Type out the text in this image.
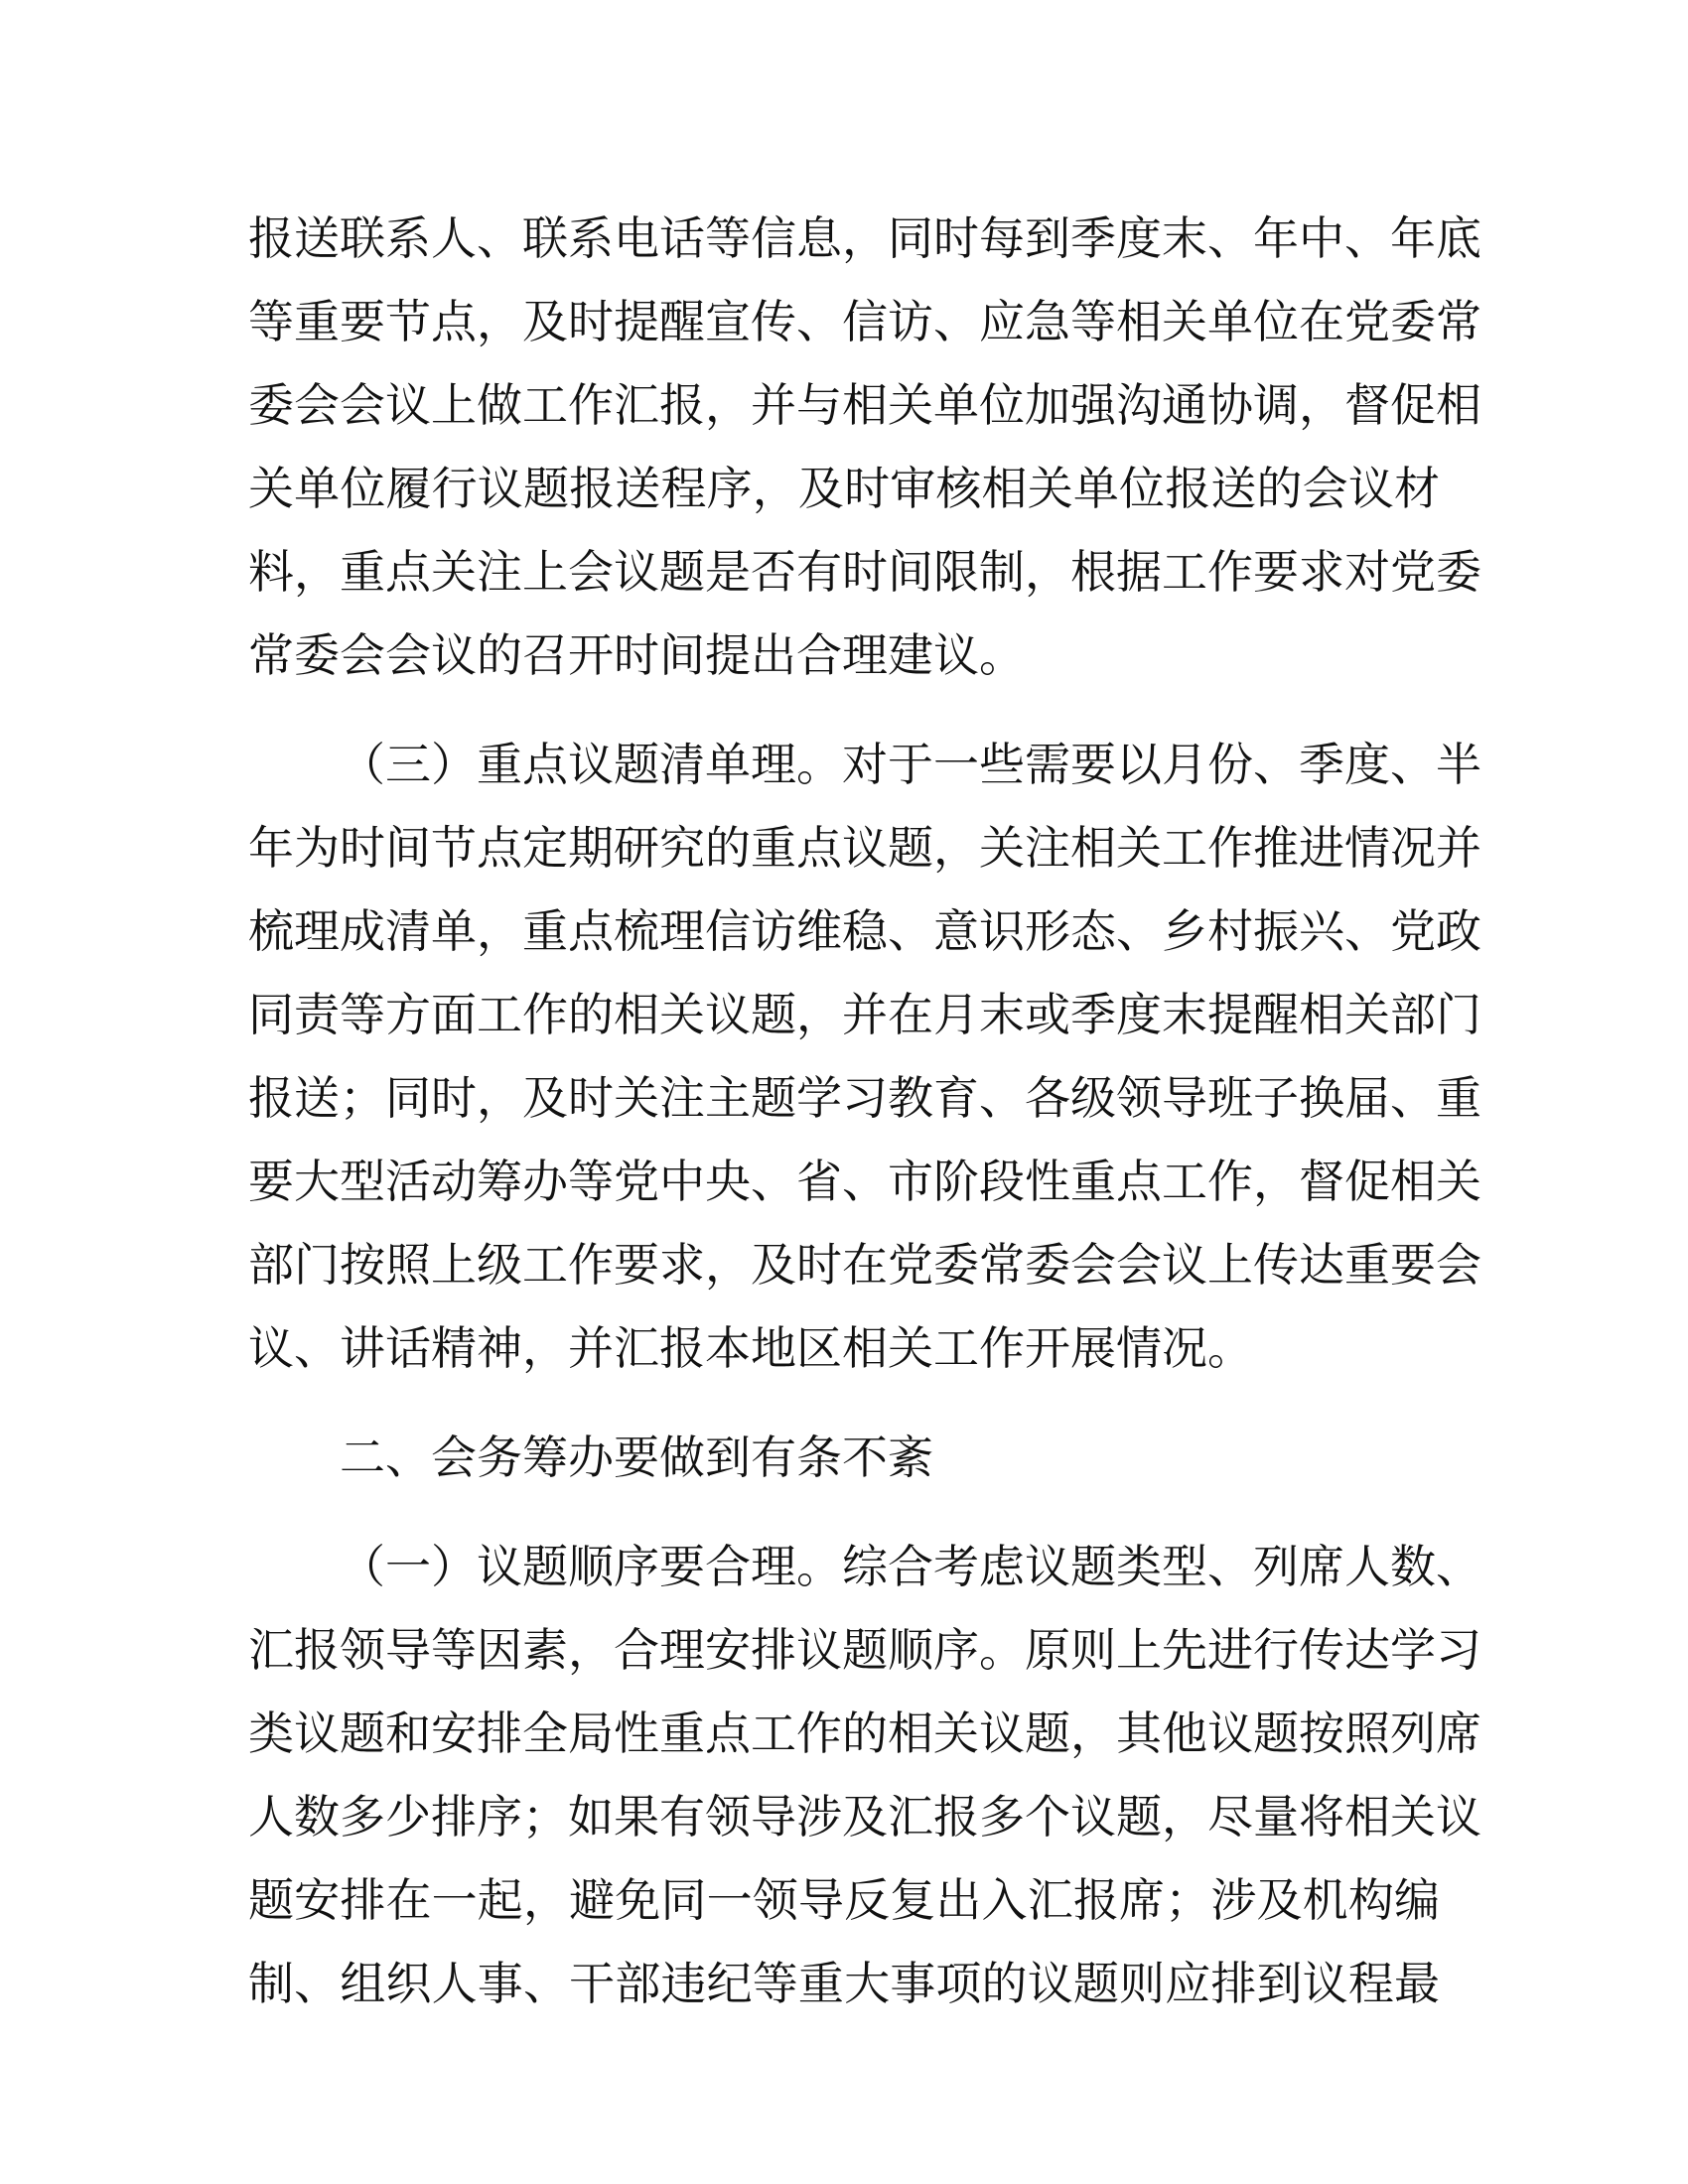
报送联系人、联系电话等信息，同时每到季度末、年中、年底
等重要节点，及时提醒宣传、信访、应急等相关单位在党委常
委会会议上做工作汇报，并与相关单位加强沟通协调，督促相
关单位履行议题报送程序，及时审核相关单位报送的会议材
料，重点关注上会议题是否有时间限制，根据工作要求对党委
常委会会议的召开时间提出合理建议。
（三）重点议题清单理。对于一些需要以月份、季度、半
年为时间节点定期研究的重点议题，关注相关工作推进情况并
梳理成清单，重点梳理信访维稳、意识形态、乡村振兴、党政
同责等方面工作的相关议题，并在月末或季度末提醒相关部门
报送；同时，及时关注主题学习教育、各级领导班子换届、重
要大型活动筹办等党中央、省、市阶段性重点工作，督促相关
部门按照上级工作要求，及时在党委常委会会议上传达重要会
议、讲话精神，并汇报本地区相关工作开展情况。
二、会务筹办要做到有条不紊
（一）议题顺序要合理。综合考虑议题类型、列席人数、
汇报领导等因素，合理安排议题顺序。原则上先进行传达学习
类议题和安排全局性重点工作的相关议题，其他议题按照列席
人数多少排序；如果有领导涉及汇报多个议题，尽量将相关议
题安排在一起，避免同一领导反复出入汇报席；涉及机构编
制、组织人事、干部违纪等重大事项的议题则应排到议程最
